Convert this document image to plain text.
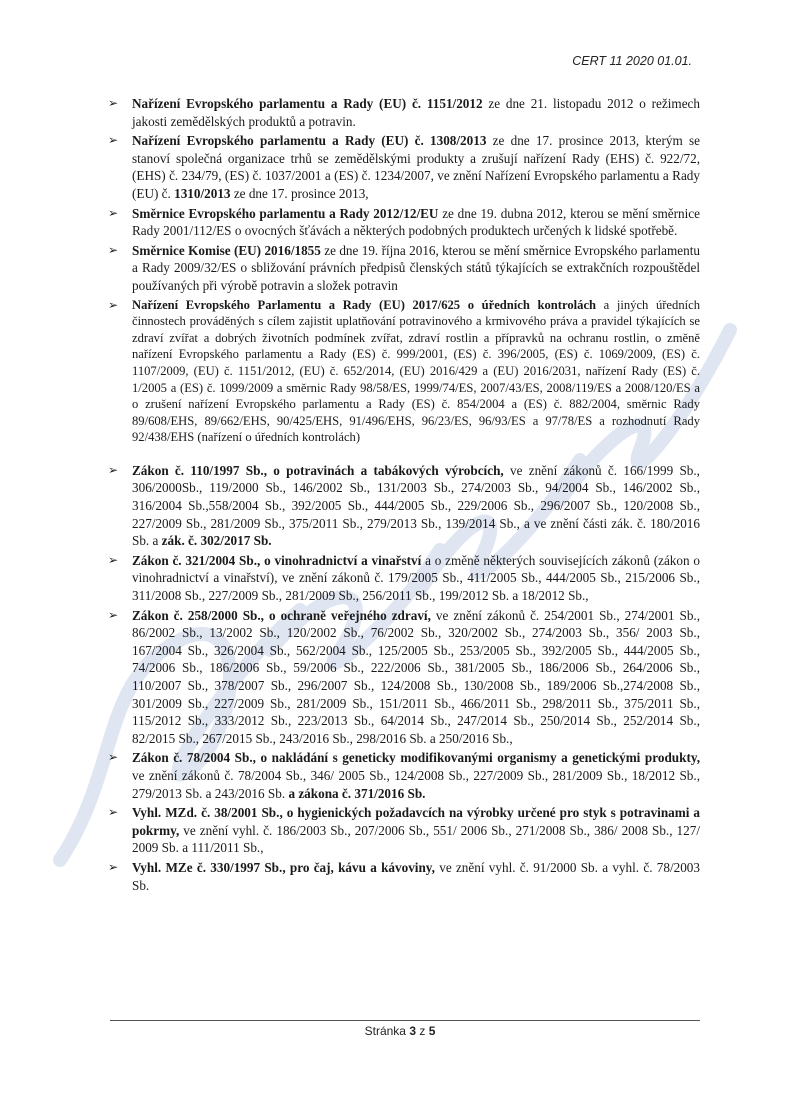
CERT 11 2020 01.01.

➢ Nařízení Evropského parlamentu a Rady (EU) č. 1151/2012 ze dne 21. listopadu 2012 o režimech jakosti zemědělských produktů a potravin.

➢ Nařízení Evropského parlamentu a Rady (EU) č. 1308/2013 ze dne 17. prosince 2013, kterým se stanoví společná organizace trhů se zemědělskými produkty a zrušují nařízení Rady (EHS) č. 922/72, (EHS) č. 234/79, (ES) č. 1037/2001 a (ES) č. 1234/2007, ve znění Nařízení Evropského parlamentu a Rady (EU) č. 1310/2013 ze dne 17. prosince 2013,

➢ Směrnice Evropského parlamentu a Rady 2012/12/EU ze dne 19. dubna 2012, kterou se mění směrnice Rady 2001/112/ES o ovocných šťávách a některých podobných produktech určených k lidské spotřebě.

➢ Směrnice Komise (EU) 2016/1855 ze dne 19. října 2016, kterou se mění směrnice Evropského parlamentu a Rady 2009/32/ES o sbližování právních předpisů členských států týkajících se extrakčních rozpouštědel používaných při výrobě potravin a složek potravin

➢ Nařízení Evropského Parlamentu a Rady (EU) 2017/625 o úředních kontrolách a jiných úředních činnostech prováděných s cílem zajistit uplatňování potravinového a krmivového práva a pravidel týkajících se zdraví zvířat a dobrých životních podmínek zvířat, zdraví rostlin a přípravků na ochranu rostlin, o změně nařízení Evropského parlamentu a Rady (ES) č. 999/2001, (ES) č. 396/2005, (ES) č. 1069/2009, (ES) č. 1107/2009, (EU) č. 1151/2012, (EU) č. 652/2014, (EU) 2016/429 a (EU) 2016/2031, nařízení Rady (ES) č. 1/2005 a (ES) č. 1099/2009 a směrnic Rady 98/58/ES, 1999/74/ES, 2007/43/ES, 2008/119/ES a 2008/120/ES a o zrušení nařízení Evropského parlamentu a Rady (ES) č. 854/2004 a (ES) č. 882/2004, směrnic Rady 89/608/EHS, 89/662/EHS, 90/425/EHS, 91/496/EHS, 96/23/ES, 96/93/ES a 97/78/ES a rozhodnutí Rady 92/438/EHS (nařízení o úředních kontrolách)

➢ Zákon č. 110/1997 Sb., o potravinách a tabákových výrobcích, ve znění zákonů č. 166/1999 Sb., 306/2000Sb., 119/2000 Sb., 146/2002 Sb., 131/2003 Sb., 274/2003 Sb., 94/2004 Sb., 146/2002 Sb., 316/2004 Sb.,558/2004 Sb., 392/2005 Sb., 444/2005 Sb., 229/2006 Sb., 296/2007 Sb., 120/2008 Sb., 227/2009 Sb., 281/2009 Sb., 375/2011 Sb., 279/2013 Sb., 139/2014 Sb., a ve znění části zák. č. 180/2016 Sb. a zák. č. 302/2017 Sb.

➢ Zákon č. 321/2004 Sb., o vinohradnictví a vinařství a o změně některých souvisejících zákonů (zákon o vinohradnictví a vinařství), ve znění zákonů č. 179/2005 Sb., 411/2005 Sb., 444/2005 Sb., 215/2006 Sb., 311/2008 Sb., 227/2009 Sb., 281/2009 Sb., 256/2011 Sb., 199/2012 Sb. a 18/2012 Sb.,

➢ Zákon č. 258/2000 Sb., o ochraně veřejného zdraví, ve znění zákonů č. 254/2001 Sb., 274/2001 Sb., 86/2002 Sb., 13/2002 Sb., 120/2002 Sb., 76/2002 Sb., 320/2002 Sb., 274/2003 Sb., 356/ 2003 Sb., 167/2004 Sb., 326/2004 Sb., 562/2004 Sb., 125/2005 Sb., 253/2005 Sb., 392/2005 Sb., 444/2005 Sb., 74/2006 Sb., 186/2006 Sb., 59/2006 Sb., 222/2006 Sb., 381/2005 Sb., 186/2006 Sb., 264/2006 Sb., 110/2007 Sb., 378/2007 Sb., 296/2007 Sb., 124/2008 Sb., 130/2008 Sb., 189/2006 Sb.,274/2008 Sb., 301/2009 Sb., 227/2009 Sb., 281/2009 Sb., 151/2011 Sb., 466/2011 Sb., 298/2011 Sb., 375/2011 Sb., 115/2012 Sb., 333/2012 Sb., 223/2013 Sb., 64/2014 Sb., 247/2014 Sb., 250/2014 Sb., 252/2014 Sb., 82/2015 Sb., 267/2015 Sb., 243/2016 Sb., 298/2016 Sb. a 250/2016 Sb.,

➢ Zákon č. 78/2004 Sb., o nakládání s geneticky modifikovanými organismy a genetickými produkty, ve znění zákonů č. 78/2004 Sb., 346/ 2005 Sb., 124/2008 Sb., 227/2009 Sb., 281/2009 Sb., 18/2012 Sb., 279/2013 Sb. a 243/2016 Sb. a zákona č. 371/2016 Sb.

➢ Vyhl. MZd. č. 38/2001 Sb., o hygienických požadavcích na výrobky určené pro styk s potravinami a pokrmy, ve znění vyhl. č. 186/2003 Sb., 207/2006 Sb., 551/ 2006 Sb., 271/2008 Sb., 386/ 2008 Sb., 127/ 2009 Sb. a 111/2011 Sb.,

➢ Vyhl. MZe č. 330/1997 Sb., pro čaj, kávu a kávoviny, ve znění vyhl. č. 91/2000 Sb. a vyhl. č. 78/2003 Sb.

Stránka 3 z 5
